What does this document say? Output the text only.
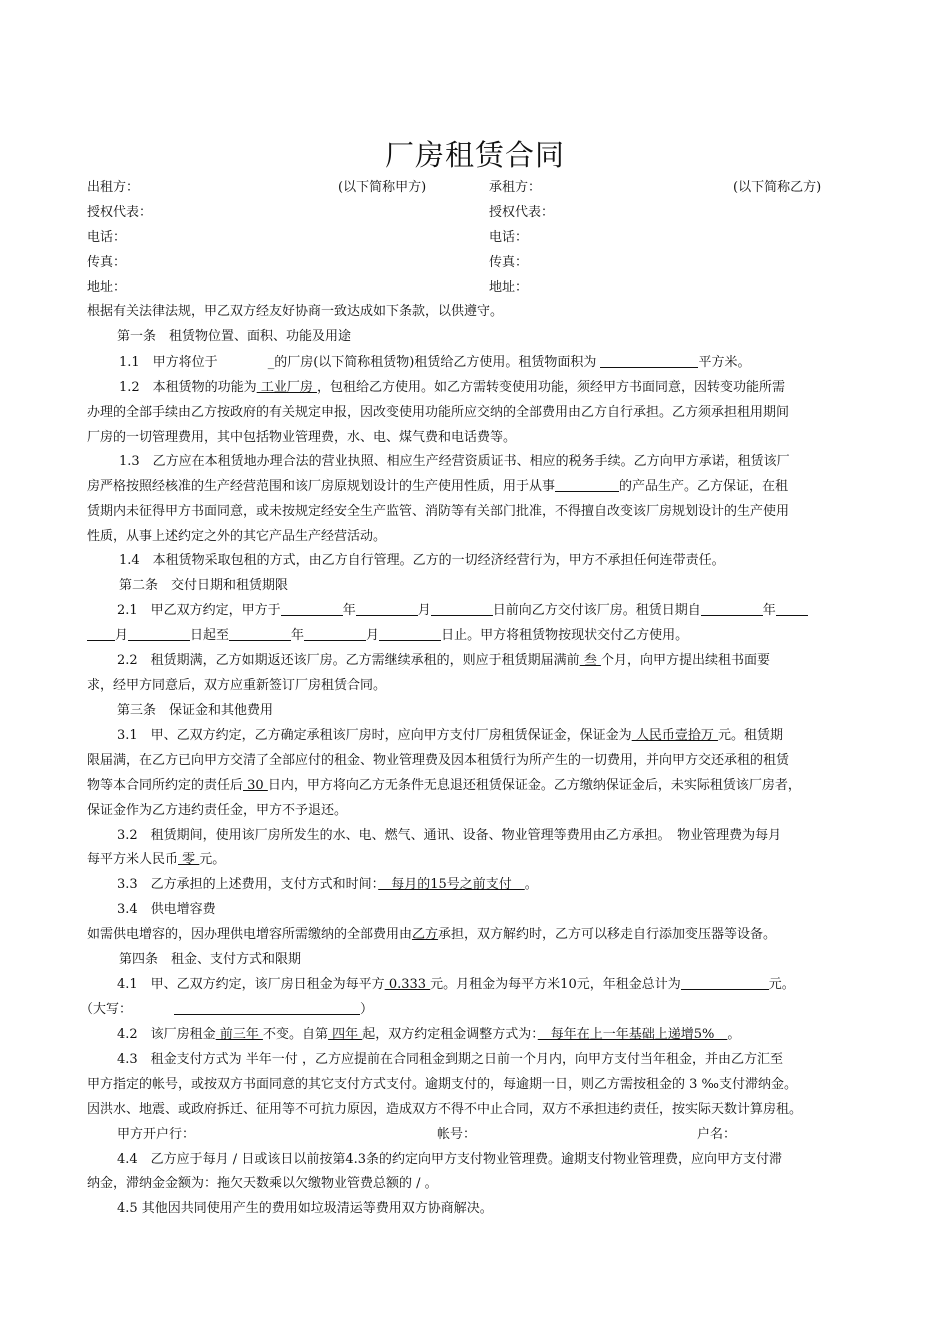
厂房租赁合同
出租方：	(以下简称甲方)	承租方：	(以下简称乙方)
授权代表：	授权代表：
电话：	电话：
传真：	传真：
地址：	地址：
根据有关法律法规，甲乙双方经友好协商一致达成如下条款，以供遵守。
第一条　租赁物位置、面积、功能及用途
1.1　甲方将位于	_的厂房(以下简称租赁物)租赁给乙方使用。租赁物面积为	平方米。
1.2　本租赁物的功能为 工业厂房 ，包租给乙方使用。如乙方需转变使用功能，须经甲方书面同意，因转变功能所需
办理的全部手续由乙方按政府的有关规定申报，因改变使用功能所应交纳的全部费用由乙方自行承担。乙方须承担租用期间
厂房的一切管理费用，其中包括物业管理费，水、电、煤气费和电话费等。
1.3　乙方应在本租赁地办理合法的营业执照、相应生产经营资质证书、相应的税务手续。乙方向甲方承诺，租赁该厂
房严格按照经核准的生产经营范围和该厂房原规划设计的生产使用性质，用于从事	的产品生产。乙方保证，在租
赁期内未征得甲方书面同意，或未按规定经安全生产监管、消防等有关部门批准，不得擅自改变该厂房规划设计的生产使用
性质，从事上述约定之外的其它产品生产经营活动。
1.4　本租赁物采取包租的方式，由乙方自行管理。乙方的一切经济经营行为，甲方不承担任何连带责任。
第二条　交付日期和租赁期限
2.1　甲乙双方约定，甲方于	年	月	日前向乙方交付该厂房。租赁日期自	年
月	日起至	年	月	日止。甲方将租赁物按现状交付乙方使用。
2.2　租赁期满，乙方如期返还该厂房。乙方需继续承租的，则应于租赁期届满前 叁 个月，向甲方提出续租书面要
求，经甲方同意后，双方应重新签订厂房租赁合同。
第三条　保证金和其他费用
3.1　甲、乙双方约定，乙方确定承租该厂房时，应向甲方支付厂房租赁保证金，保证金为 人民币壹拾万 元。租赁期
限届满，在乙方已向甲方交清了全部应付的租金、物业管理费及因本租赁行为所产生的一切费用，并向甲方交还承租的租赁
物等本合同所约定的责任后 30 日内，甲方将向乙方无条件无息退还租赁保证金。乙方缴纳保证金后，未实际租赁该厂房者，
保证金作为乙方违约责任金，甲方不予退还。
3.2　租赁期间，使用该厂房所发生的水、电、燃气、通讯、设备、物业管理等费用由乙方承担。　物业管理费为每月
每平方米人民币 零 元。
3.3　乙方承担的上述费用，支付方式和时间：　每月的15号之前支付　。
3.4　供电增容费
如需供电增容的，因办理供电增容所需缴纳的全部费用由乙方承担，双方解约时，乙方可以移走自行添加变压器等设备。
第四条　租金、支付方式和限期
4.1　甲、乙双方约定，该厂房日租金为每平方 0.333 元。月租金为每平方米10元，年租金总计为	元。
（大写：	）
4.2　该厂房租金 前三年 不变。自第 四年 起，双方约定租金调整方式为：　每年在上一年基础上递增5%　。
4.3　租金支付方式为 半年一付 ，乙方应提前在合同租金到期之日前一个月内，向甲方支付当年租金，并由乙方汇至
甲方指定的帐号，或按双方书面同意的其它支付方式支付。逾期支付的，每逾期一日，则乙方需按租金的 3 ‰支付滞纳金。
因洪水、地震、或政府拆迁、征用等不可抗力原因，造成双方不得不中止合同，双方不承担违约责任，按实际天数计算房租。
甲方开户行：	帐号：	户名：
4.4　乙方应于每月 / 日或该日以前按第4.3条的约定向甲方支付物业管理费。逾期支付物业管理费，应向甲方支付滞
纳金，滞纳金金额为：拖欠天数乘以欠缴物业管费总额的 / 。
4.5 其他因共同使用产生的费用如垃圾清运等费用双方协商解决。
